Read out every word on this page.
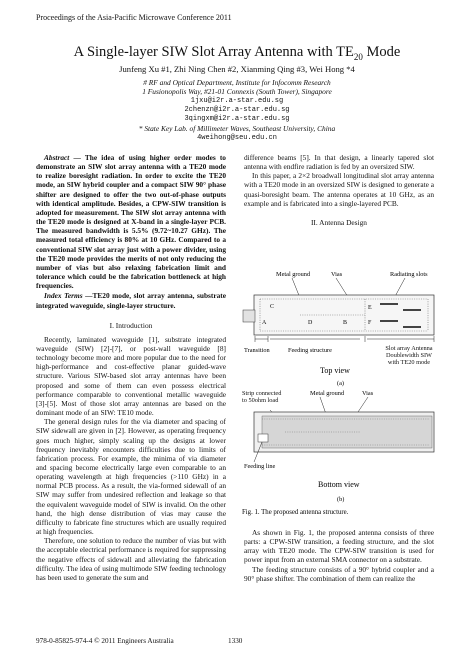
Proceedings of the Asia-Pacific Microwave Conference 2011
A Single-layer SIW Slot Array Antenna with $TE_{20}$ Mode
Junfeng Xu #1, Zhi Ning Chen #2, Xianming Qing #3, Wei Hong *4
# RF and Optical Department, Institute for Infocomm Research
1 Fusionopolis Way, #21-01 Connexis (South Tower), Singapore
1jxu@i2r.a-star.edu.sg
2chenzn@i2r.a-star.edu.sg
3qingxm@i2r.a-star.edu.sg
* State Key Lab. of Millimeter Waves, Southeast University, China
4weihong@seu.edu.cn

Abstract — The idea of using higher order modes to demonstrate an SIW slot array antenna with a TE20 mode to realize boresight radiation. In order to excite the TE20 mode, an SIW hybrid coupler and a compact SIW 90° phase shifter are designed to offer the two out-of-phase outputs with identical amplitude. Besides, a CPW-SIW transition is adopted for measurement. The SIW slot array antenna with the TE20 mode is designed at X-band in a single-layer PCB. The measured bandwidth is 5.5% (9.72~10.27 GHz). The measured total efficiency is 80% at 10 GHz. Compared to a conventional SIW slot array just with a power divider, using the TE20 mode provides the merits of not only reducing the number of vias but also relaxing fabrication limit and tolerance which could be the fabrication bottleneck at high frequencies.

Index Terms —TE20 mode, slot array antenna, substrate integrated waveguide, single-layer structure.

I. Introduction

Recently, laminated waveguide [1], substrate integrated waveguide (SIW) [2]-[7], or post-wall waveguide [8] technology become more and more popular due to the need for high-performance and cost-effective planar guided-wave structure. Various SIW-based slot array antennas have been proposed and some of them can even possess electrical performance comparable to conventional metallic waveguide [3]-[5]. Most of those slot array antennas are based on the dominant mode of an SIW: TE10 mode.

The general design rules for the via diameter and spacing of SIW sidewall are given in [2]. However, as operating frequency goes much higher, simply scaling up the designs at lower frequency inevitably encounters difficulties due to limits of fabrication process. For example, the minima of via diameter and spacing become electrically large even comparable to an operating wavelength at high frequencies (>110 GHz) in a normal PCB process. As a result, the via-formed sidewall of an SIW may suffer from undesired reflection and leakage so that the equivalent waveguide model of SIW is invalid. On the other hand, the high dense distribution of vias may cause the difficulty to fabricate fine structures which are usually required at high frequencies.

Therefore, one solution to reduce the number of vias but with the acceptable electrical performance is required for suppressing the negative effects of sidewall and alleviating the fabrication difficulty. The idea of using multimode SIW feeding technology has been used to generate the sum and

difference beams [5]. In that design, a linearly tapered slot antenna with endfire radiation is fed by an oversized SIW.

In this paper, a 2×2 broadwall longitudinal slot array antenna with a TE20 mode in an oversized SIW is designed to generate a quasi-boresight beam. The antenna operates at 10 GHz, as an example and is fabricated into a single-layered PCB.

II. Antenna Design

Metal ground	Vias	Radiating slots
C
A	B
E
F
D
Transition	Feeding structure	Slot array Antenna Doublewidth SIW with TE20 mode
Top view
(a)
Strip connected to 50ohm load
Metal ground	Vias
Feeding line
Bottom view
(b)
Fig. 1. The proposed antenna structure.

As shown in Fig. 1, the proposed antenna consists of three parts: a CPW-SIW transition, a feeding structure, and the slot array with TE20 mode. The CPW-SIW transition is used for power input from an external SMA connector on a substrate.

The feeding structure consists of a 90° hybrid coupler and a 90° phase shifter. The combination of them can realize the

978-0-85825-974-4 © 2011 Engineers Australia	1330
